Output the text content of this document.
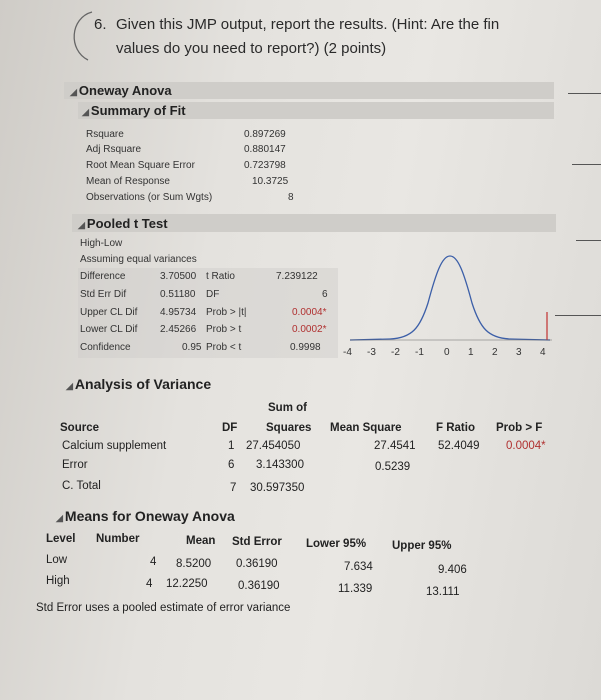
6. Given this JMP output, report the results. (Hint: Are the fin
values do you need to report?) (2 points)
◢ Oneway Anova
◢ Summary of Fit
Rsquare	0.897269
Adj Rsquare	0.880147
Root Mean Square Error	0.723798
Mean of Response	10.3725
Observations (or Sum Wgts)	8
◢ Pooled t Test
High-Low
Assuming equal variances
Difference	3.70500 t Ratio	7.239122
Std Err Dif	0.51180 DF	6
Upper CL Dif 4.95734 Prob > |t|	0.0004*
Lower CL Dif 2.45266 Prob > t	0.0002*
Confidence	0.95 Prob < t	0.9998 -4 -3 -2 -1 0 1 2 3 4
◢ Analysis of Variance
Sum of
Source	DF Squares Mean Square	F Ratio Prob > F
Calcium supplement	1 27.454050	27.4541 52.4049 0.0004*
Error	6 3.143300	0.5239
C. Total	7 30.597350
◢ Means for Oneway Anova
Level Number	Mean Std Error Lower 95% Upper 95%
Low	4 8.5200 0.36190	7.634	9.406
High	4 12.2250	0.36190	11.339	13.111
Std Error uses a pooled estimate of error variance
